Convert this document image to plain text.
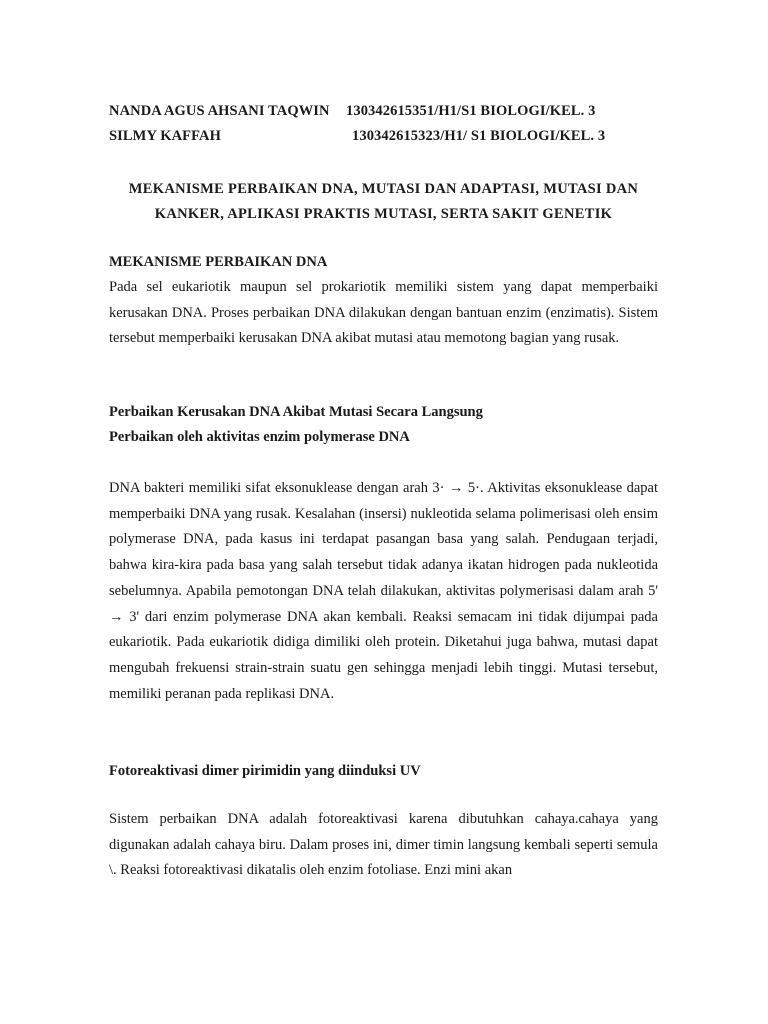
NANDA AGUS AHSANI TAQWIN 130342615351/H1/S1 BIOLOGI/KEL. 3
SILMY KAFFAH	130342615323/H1/ S1 BIOLOGI/KEL. 3
MEKANISME PERBAIKAN DNA, MUTASI DAN ADAPTASI, MUTASI DAN KANKER, APLIKASI PRAKTIS MUTASI, SERTA SAKIT GENETIK
MEKANISME PERBAIKAN DNA

Pada sel eukariotik maupun sel prokariotik memiliki sistem yang dapat memperbaiki kerusakan DNA. Proses perbaikan DNA dilakukan dengan bantuan enzim (enzimatis). Sistem tersebut memperbaiki kerusakan DNA akibat mutasi atau memotong bagian yang rusak.

Perbaikan Kerusakan DNA Akibat Mutasi Secara Langsung
Perbaikan oleh aktivitas enzim polymerase DNA

DNA bakteri memiliki sifat eksonuklease dengan arah 3· → 5·. Aktivitas eksonuklease dapat memperbaiki DNA yang rusak. Kesalahan (insersi) nukleotida selama polimerisasi oleh ensim polymerase DNA, pada kasus ini terdapat pasangan basa yang salah. Pendugaan terjadi, bahwa kira-kira pada basa yang salah tersebut tidak adanya ikatan hidrogen pada nukleotida sebelumnya. Apabila pemotongan DNA telah dilakukan, aktivitas polymerisasi dalam arah 5' → 3' dari enzim polymerase DNA akan kembali. Reaksi semacam ini tidak dijumpai pada eukariotik. Pada eukariotik didiga dimiliki oleh protein. Diketahui juga bahwa, mutasi dapat mengubah frekuensi strain-strain suatu gen sehingga menjadi lebih tinggi. Mutasi tersebut, memiliki peranan pada replikasi DNA.

Fotoreaktivasi dimer pirimidin yang diinduksi UV

Sistem perbaikan DNA adalah fotoreaktivasi karena dibutuhkan cahaya.cahaya yang digunakan adalah cahaya biru. Dalam proses ini, dimer timin langsung kembali seperti semula \. Reaksi fotoreaktivasi dikatalis oleh enzim fotoliase. Enzi mini akan
